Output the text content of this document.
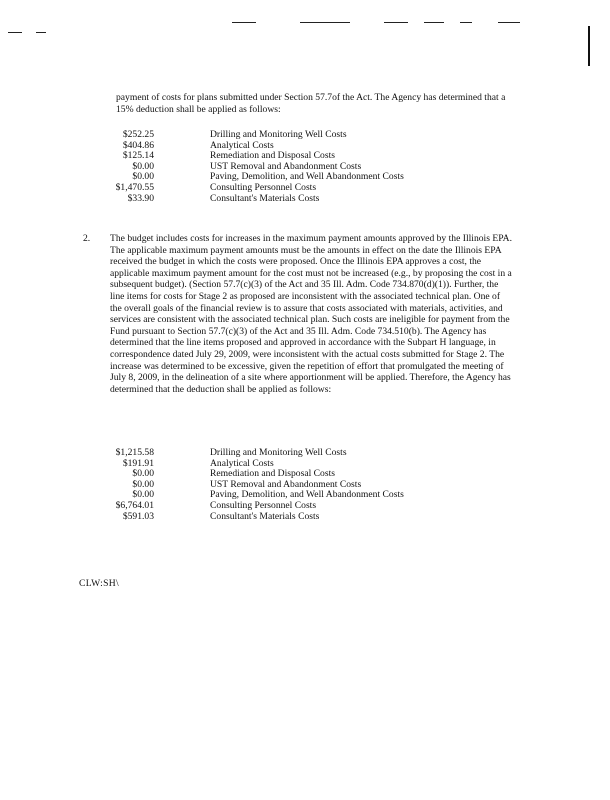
payment of costs for plans submitted under Section 57.7of the Act. The Agency has determined that a 15% deduction shall be applied as follows:
$252.25	Drilling and Monitoring Well Costs
$404.86	Analytical Costs
$125.14	Remediation and Disposal Costs
$0.00	UST Removal and Abandonment Costs
$0.00	Paving, Demolition, and Well Abandonment Costs
$1,470.55	Consulting Personnel Costs
$33.90	Consultant's Materials Costs
2. The budget includes costs for increases in the maximum payment amounts approved by the Illinois EPA. The applicable maximum payment amounts must be the amounts in effect on the date the Illinois EPA received the budget in which the costs were proposed. Once the Illinois EPA approves a cost, the applicable maximum payment amount for the cost must not be increased (e.g., by proposing the cost in a subsequent budget). (Section 57.7(c)(3) of the Act and 35 Ill. Adm. Code 734.870(d)(1)). Further, the line items for costs for Stage 2 as proposed are inconsistent with the associated technical plan. One of the overall goals of the financial review is to assure that costs associated with materials, activities, and services are consistent with the associated technical plan. Such costs are ineligible for payment from the Fund pursuant to Section 57.7(c)(3) of the Act and 35 Ill. Adm. Code 734.510(b). The Agency has determined that the line items proposed and approved in accordance with the Subpart H language, in correspondence dated July 29, 2009, were inconsistent with the actual costs submitted for Stage 2. The increase was determined to be excessive, given the repetition of effort that promulgated the meeting of July 8, 2009, in the delineation of a site where apportionment will be applied. Therefore, the Agency has determined that the deduction shall be applied as follows:
$1,215.58	Drilling and Monitoring Well Costs
$191.91	Analytical Costs
$0.00	Remediation and Disposal Costs
$0.00	UST Removal and Abandonment Costs
$0.00	Paving, Demolition, and Well Abandonment Costs
$6,764.01	Consulting Personnel Costs
$591.03	Consultant's Materials Costs
CLW:SH\
